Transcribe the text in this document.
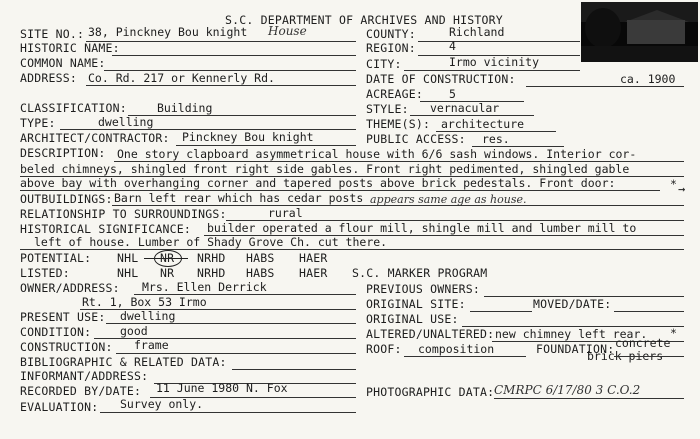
S.C. DEPARTMENT OF ARCHIVES AND HISTORY
SITE NO.: 38, Pinckney Bou knight House
HISTORIC NAME:
COMMON NAME:
ADDRESS: Co. Rd. 217 or Kennerly Rd.
COUNTY:	Richland
REGION:	4
CITY:	Irmo vicinity
DATE OF CONSTRUCTION:	ca. 1900
ACREAGE: 5
CLASSIFICATION:	Building
TYPE:	dwelling
ARCHITECT/CONTRACTOR: Pinckney Bou knight
STYLE: vernacular
THEME(S): architecture
PUBLIC ACCESS: res.
DESCRIPTION: One story clapboard asymmetrical house with 6/6 sash windows. Interior cor-
beled chimneys, shingled front right side gables. Front right pedimented, shingled gable
above bay with overhanging corner and tapered posts above brick pedestals. Front door:	* →
OUTBUILDINGS: Barn left rear which has cedar posts appears same age as house.
RELATIONSHIP TO SURROUNDINGS:	rural
HISTORICAL SIGNIFICANCE: builder operated a flour mill, shingle mill and lumber mill to
left of house. Lumber of Shady Grove Ch. cut there.
POTENTIAL: NHL NR NRHD HABS HAER
LISTED:	NHL NR NRHD HABS HAER S.C. MARKER PROGRAM
OWNER/ADDRESS: Mrs. Ellen Derrick
Rt. 1, Box 53 Irmo
PREVIOUS OWNERS:
ORIGINAL SITE:	MOVED/DATE:
ORIGINAL USE:
PRESENT USE: dwelling
CONDITION:	good
CONSTRUCTION: frame
ALTERED/UNALTERED: new chimney left rear. *
ROOF: composition	FOUNDATION: concrete
brick piers
BIBLIOGRAPHIC & RELATED DATA:
INFORMANT/ADDRESS:
RECORDED BY/DATE: 11 June 1980 N. Fox	PHOTOGRAPHIC DATA: CMRPC 6/17/80 3 C.O.2
EVALUATION: Survey only.
